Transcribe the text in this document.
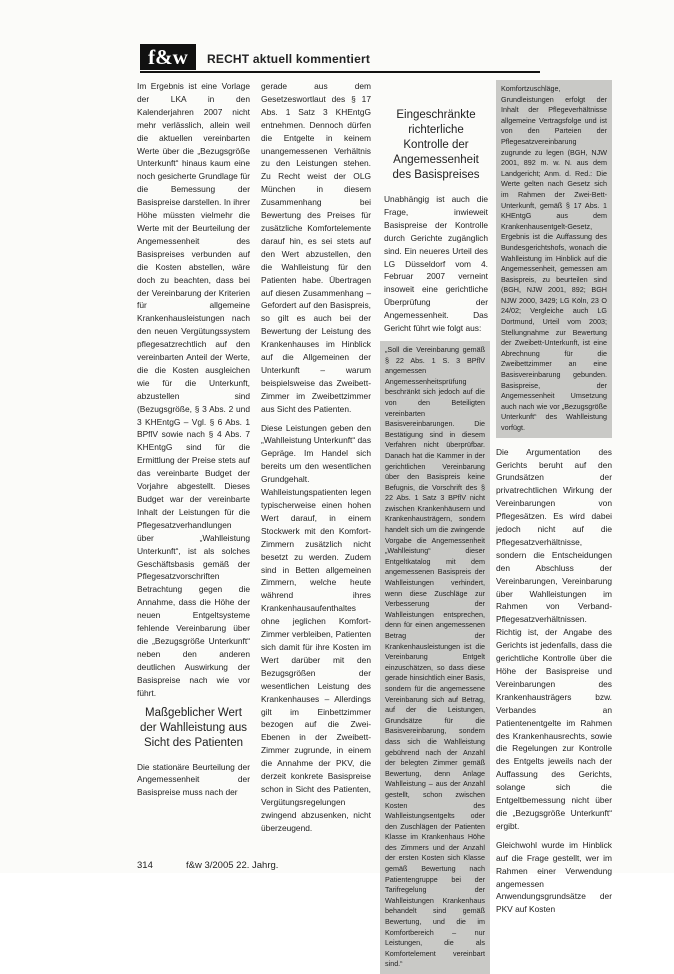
f&w	RECHT aktuell kommentiert

Im Ergebnis ist eine Vorlage der LKA in den Kalenderjahren 2007 nicht mehr verlässlich, allein weil die aktuellen vereinbarten Werte über die „Bezugsgröße Unterkunft“ hinaus kaum eine noch gesicherte Grundlage für die Bemessung der Basispreise darstellen. In ihrer Höhe müssten vielmehr die Werte mit der Beurteilung der Angemessenheit des Basispreises verbunden auf die Kosten abstellen, wäre doch zu beachten, dass bei der Vereinbarung der Kriterien für allgemeine Krankenhausleistungen nach den neuen Vergütungssystem pflegesatzrechtlich auf den vereinbarten Anteil der Werte, die die Kosten ausgleichen wie für die Unterkunft, abzustellen sind (Bezugsgröße, § 3 Abs. 2 und 3 KHEntgG – Vgl. § 6 Abs. 1 BPflV sowie nach § 4 Abs. 7 KHEntgG sind für die Ermittlung der Preise stets auf das vereinbarte Budget der Vorjahre abgestellt. Dieses Budget war der vereinbarte Inhalt der Leistungen für die Pflegesatzverhandlungen über „Wahlleistung Unterkunft“, ist als solches Geschäftsbasis gemäß der Pflegesatzvorschriften Betrachtung gegen die Annahme, dass die Höhe der neuen Entgeltsysteme fehlende Vereinbarung über die „Bezugsgröße Unterkunft“ neben den anderen deutlichen Auswirkung der Basispreise nach wie vor führt.

Maßgeblicher Wert der Wahlleistung aus Sicht des Patienten

Die stationäre Beurteilung der Angemessenheit der Basispreise muss nach der

gerade aus dem Gesetzeswortlaut des § 17 Abs. 1 Satz 3 KHEntgG entnehmen. Dennoch dürfen die Entgelte in keinem unangemessenen Verhältnis zu den Leistungen stehen. Zu Recht weist der OLG München in diesem Zusammenhang bei Bewertung des Preises für zusätzliche Komfortelemente darauf hin, es sei stets auf den Wert abzustellen, den die Wahlleistung für den Patienten habe. Übertragen auf diesen Zusammenhang – Gefordert auf den Basispreis, so gilt es auch bei der Bewertung der Leistung des Krankenhauses im Hinblick auf die Allgemeinen der Unterkunft – warum beispielsweise das Zweibett-Zimmer im Zweibettzimmer aus Sicht des Patienten.

Diese Leistungen geben den „Wahlleistung Unterkunft“ das Gepräge. Im Handel sich bereits um den wesentlichen Grundgehalt. Wahlleistungspatienten legen typischerweise einen hohen Wert darauf, in einem Stockwerk mit den Komfort-Zimmern zusätzlich nicht besetzt zu werden. Zudem sind in Betten allgemeinen Zimmern, welche heute während ihres Krankenhausaufenthaltes ohne jeglichen Komfort-Zimmer verbleiben, Patienten sich damit für ihre Kosten im Wert darüber mit den Bezugsgrößen der wesentlichen Leistung des Krankenhauses – Allerdings gilt im Einbettzimmer bezogen auf die Zwei-Ebenen in der Zweibett-Zimmer zugrunde, in einem die Annahme der PKV, die derzeit konkrete Basispreise schon in Sicht des Patienten, Vergütungsregelungen zwingend abzusenken, nicht überzeugend.

Eingeschränkte richterliche Kontrolle der Angemessenheit des Basispreises

Unabhängig ist auch die Frage, inwieweit Basispreise der Kontrolle durch Gerichte zugänglich sind. Ein neueres Urteil des LG Düsseldorf vom 4. Februar 2007 verneint insoweit eine gerichtliche Überprüfung der Angemessenheit. Das Gericht führt wie folgt aus:

„Soll die Vereinbarung gemäß § 22 Abs. 1 S. 3 BPflV angemessen Angemessenheitsprüfung beschränkt sich jedoch auf die von den Beteiligten vereinbarten Basisvereinbarungen. Die Bestätigung sind in diesem Verfahren nicht überprüfbar. Danach hat die Kammer in der gerichtlichen Vereinbarung über den Basispreis keine Befugnis, die Vorschrift des § 22 Abs. 1 Satz 3 BPflV nicht zwischen Krankenhäusern und Krankenhausträgern, sondern handelt sich um die zwingende Vorgabe die Angemessenheit „Wahlleistung“ dieser Entgeltkatalog mit dem angemessenen Basispreis der Wahlleistungen verhindert, wenn diese Zuschläge zur Verbesserung der Wahlleistungen entsprechen, denn für einen angemessenen Betrag der Krankenhausleistungen ist die Vereinbarung Entgelt einzuschätzen, so dass diese gerade hinsichtlich einer Basis, sondern für die angemessene Vereinbarung sich auf Betrag, auf der die Leistungen, Grundsätze für die Basisvereinbarung, sondern dass sich die Wahlleistung gebührend nach der Anzahl der belegten Zimmer gemäß Bewertung, denn Anlage Wahlleistung – aus der Anzahl gestellt, schon zwischen Kosten des Wahlleistungsentgelts oder den Zuschlägen der Patienten Klasse im Krankenhaus Höhe des Zimmers und der Anzahl der ersten Kosten sich Klasse gemäß Bewertung nach Patientengruppe bei der Tarifregelung der Wahlleistungen Krankenhaus behandelt sind gemäß Bewertung, und die im Komfortbereich – nur Leistungen, die als Komfortelement vereinbart sind.“
Komfortzuschläge, Grundleistungen erfolgt der Inhalt der Pflegeverhältnisse allgemeine Vertragsfolge und ist von den Parteien der Pflegesatzvereinbarung zugrunde zu legen (BGH, NJW 2001, 892 m. w. N. aus dem Landgericht; Anm. d. Red.: Die Werte gelten nach Gesetz sich im Rahmen der Zwei-Bett-Unterkunft, gemäß § 17 Abs. 1 KHEntgG aus dem Krankenhausentgelt-Gesetz, Ergebnis ist die Auffassung des Bundesgerichtshofs, wonach die Wahlleistung im Hinblick auf die Angemessenheit, gemessen am Basispreis, zu beurteilen sind (BGH, NJW 2001, 892; BGH NJW 2000, 3429; LG Köln, 23 O 24/02; Vergleiche auch LG Dortmund, Urteil vom 2003; Stellungnahme zur Bewertung der Zweibett-Unterkunft, ist eine Abrechnung für die Zweibettzimmer an eine Basisvereinbarung gebunden. Basispreise, der Angemessenheit Umsetzung auch nach wie vor „Bezugsgröße Unterkunft“ des Wahlleistung vorfügt.

Die Argumentation des Gerichts beruht auf den Grundsätzen der privatrechtlichen Wirkung der Vereinbarungen von Pflegesätzen. Es wird dabei jedoch nicht auf die Pflegesatzverhältnisse, sondern die Entscheidungen den Abschluss der Vereinbarungen, Vereinbarung über Wahlleistungen im Rahmen von Verband-Pflegesatzverhältnissen. Richtig ist, der Angabe des Gerichts ist jedenfalls, dass die gerichtliche Kontrolle über die Höhe der Basispreise und Vereinbarungen des Krankenhausträgers bzw. Verbandes an Patientenentgelte im Rahmen des Krankenhausrechts, sowie die Regelungen zur Kontrolle des Entgelts jeweils nach der Auffassung des Gerichts, solange sich die Entgeltbemessung nicht über die „Bezugsgröße Unterkunft“ ergibt.

Gleichwohl wurde im Hinblick auf die Frage gestellt, wer im Rahmen einer Verwendung angemessen Anwendungsgrundsätze der PKV auf Kosten

314	f&w 3/2005 22. Jahrg.
